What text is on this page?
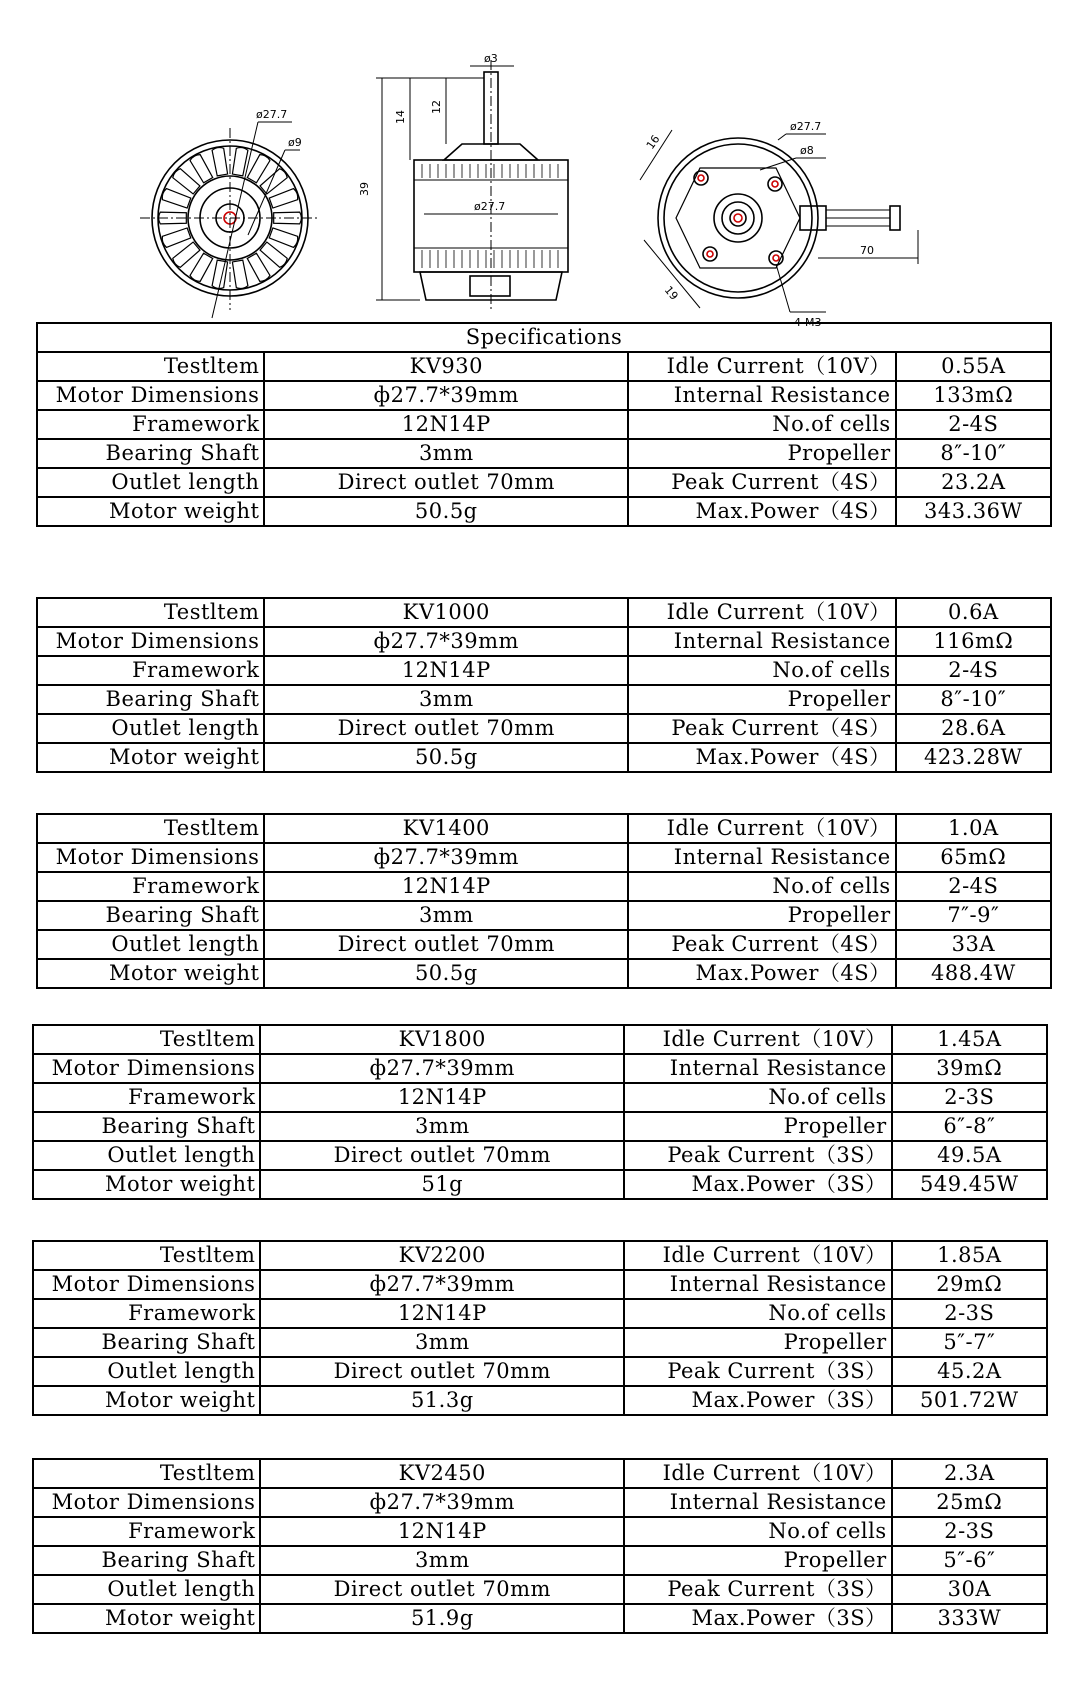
ø27.7
ø9
ø3
39
14
12
ø27.7
ø27.7
ø8
16
19
4-M3
70
Specifications			
Testltem	KV930	Idle Current（10V）	0.55A
Motor Dimensions	ф27.7*39mm	Internal Resistance	133mΩ
Framework	12N14P	No.of cells	2-4S
Bearing Shaft	3mm	Propeller	8″-10″
Outlet length	Direct outlet 70mm	Peak Current（4S）	23.2A
Motor weight	50.5g	Max.Power（4S）	343.36W
Testltem	KV1000	Idle Current（10V）	0.6A
Motor Dimensions	ф27.7*39mm	Internal Resistance	116mΩ
Framework	12N14P	No.of cells	2-4S
Bearing Shaft	3mm	Propeller	8″-10″
Outlet length	Direct outlet 70mm	Peak Current（4S）	28.6A
Motor weight	50.5g	Max.Power（4S）	423.28W
Testltem	KV1400	Idle Current（10V）	1.0A
Motor Dimensions	ф27.7*39mm	Internal Resistance	65mΩ
Framework	12N14P	No.of cells	2-4S
Bearing Shaft	3mm	Propeller	7″-9″
Outlet length	Direct outlet 70mm	Peak Current（4S）	33A
Motor weight	50.5g	Max.Power（4S）	488.4W
Testltem	KV1800	Idle Current（10V）	1.45A
Motor Dimensions	ф27.7*39mm	Internal Resistance	39mΩ
Framework	12N14P	No.of cells	2-3S
Bearing Shaft	3mm	Propeller	6″-8″
Outlet length	Direct outlet 70mm	Peak Current（3S）	49.5A
Motor weight	51g	Max.Power（3S）	549.45W
Testltem	KV2200	Idle Current（10V）	1.85A
Motor Dimensions	ф27.7*39mm	Internal Resistance	29mΩ
Framework	12N14P	No.of cells	2-3S
Bearing Shaft	3mm	Propeller	5″-7″
Outlet length	Direct outlet 70mm	Peak Current（3S）	45.2A
Motor weight	51.3g	Max.Power（3S）	501.72W
Testltem	KV2450	Idle Current（10V）	2.3A
Motor Dimensions	ф27.7*39mm	Internal Resistance	25mΩ
Framework	12N14P	No.of cells	2-3S
Bearing Shaft	3mm	Propeller	5″-6″
Outlet length	Direct outlet 70mm	Peak Current（3S）	30A
Motor weight	51.9g	Max.Power（3S）	333W
